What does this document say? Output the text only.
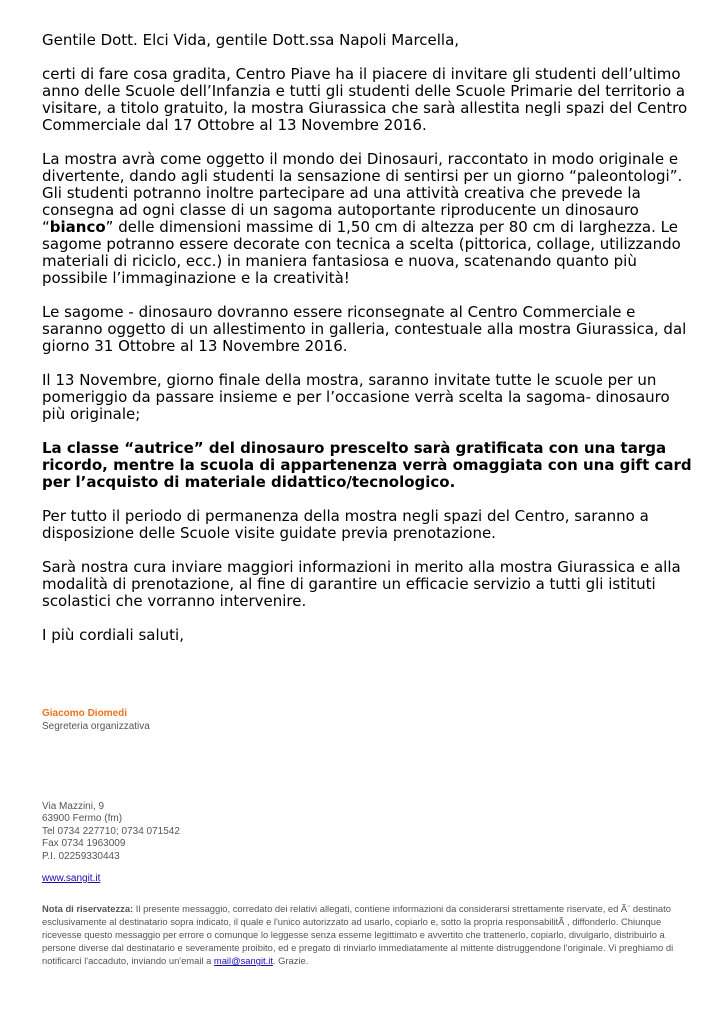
Gentile Dott. Elci Vida, gentile Dott.ssa Napoli Marcella,

certi di fare cosa gradita, Centro Piave ha il piacere di invitare gli studenti dell’ultimo anno delle Scuole dell’Infanzia e tutti gli studenti delle Scuole Primarie del territorio a visitare, a titolo gratuito, la mostra Giurassica che sarà allestita negli spazi del Centro Commerciale dal 17 Ottobre al 13 Novembre 2016.

La mostra avrà come oggetto il mondo dei Dinosauri, raccontato in modo originale e divertente, dando agli studenti la sensazione di sentirsi per un giorno “paleontologi”.

Gli studenti potranno inoltre partecipare ad una attività creativa che prevede la consegna ad ogni classe di un sagoma autoportante riproducente un dinosauro “bianco” delle dimensioni massime di 1,50 cm di altezza per 80 cm di larghezza. Le sagome potranno essere decorate con tecnica a scelta (pittorica, collage, utilizzando materiali di riciclo, ecc.) in maniera fantasiosa e nuova, scatenando quanto più possibile l’immaginazione e la creatività!

Le sagome - dinosauro dovranno essere riconsegnate al Centro Commerciale e saranno oggetto di un allestimento in galleria, contestuale alla mostra Giurassica, dal giorno 31 Ottobre al 13 Novembre 2016.

Il 13 Novembre, giorno finale della mostra, saranno invitate tutte le scuole per un pomeriggio da passare insieme e per l’occasione verrà scelta la sagoma- dinosauro più originale;

La classe “autrice” del dinosauro prescelto sarà gratificata con una targa ricordo, mentre la scuola di appartenenza verrà omaggiata con una gift card per l’acquisto di materiale didattico/tecnologico.

Per tutto il periodo di permanenza della mostra negli spazi del Centro, saranno a disposizione delle Scuole visite guidate previa prenotazione.

Sarà nostra cura inviare maggiori informazioni in merito alla mostra Giurassica e alla modalità di prenotazione, al fine di garantire un efficacie servizio a tutti gli istituti scolastici che vorranno intervenire.

I più cordiali saluti,

Giacomo Diomedi
Segreteria organizzativa
Via Mazzini, 9
63900 Fermo (fm)
Tel 0734 227710; 0734 071542
Fax 0734 1963009
P.I. 02259330443
www.sangit.it
Nota di riservatezza: Il presente messaggio, corredato dei relativi allegati, contiene informazioni da considerarsi strettamente riservate, ed Ã¨ destinato esclusivamente al destinatario sopra indicato, il quale e l'unico autorizzato ad usarlo, copiarlo e, sotto la propria responsabilitÃ , diffonderlo. Chiunque ricevesse questo messaggio per errore o comunque lo leggesse senza esserne legittimato e avvertito che trattenerlo, copiarlo, divulgarlo, distribuirlo a persone diverse dal destinatario e severamente proibito, ed e pregato di rinviarlo immediatamente al mittente distruggendone l'originale. Vi preghiamo di notificarci l'accaduto, inviando un'email a mail@sangit.it. Grazie.
